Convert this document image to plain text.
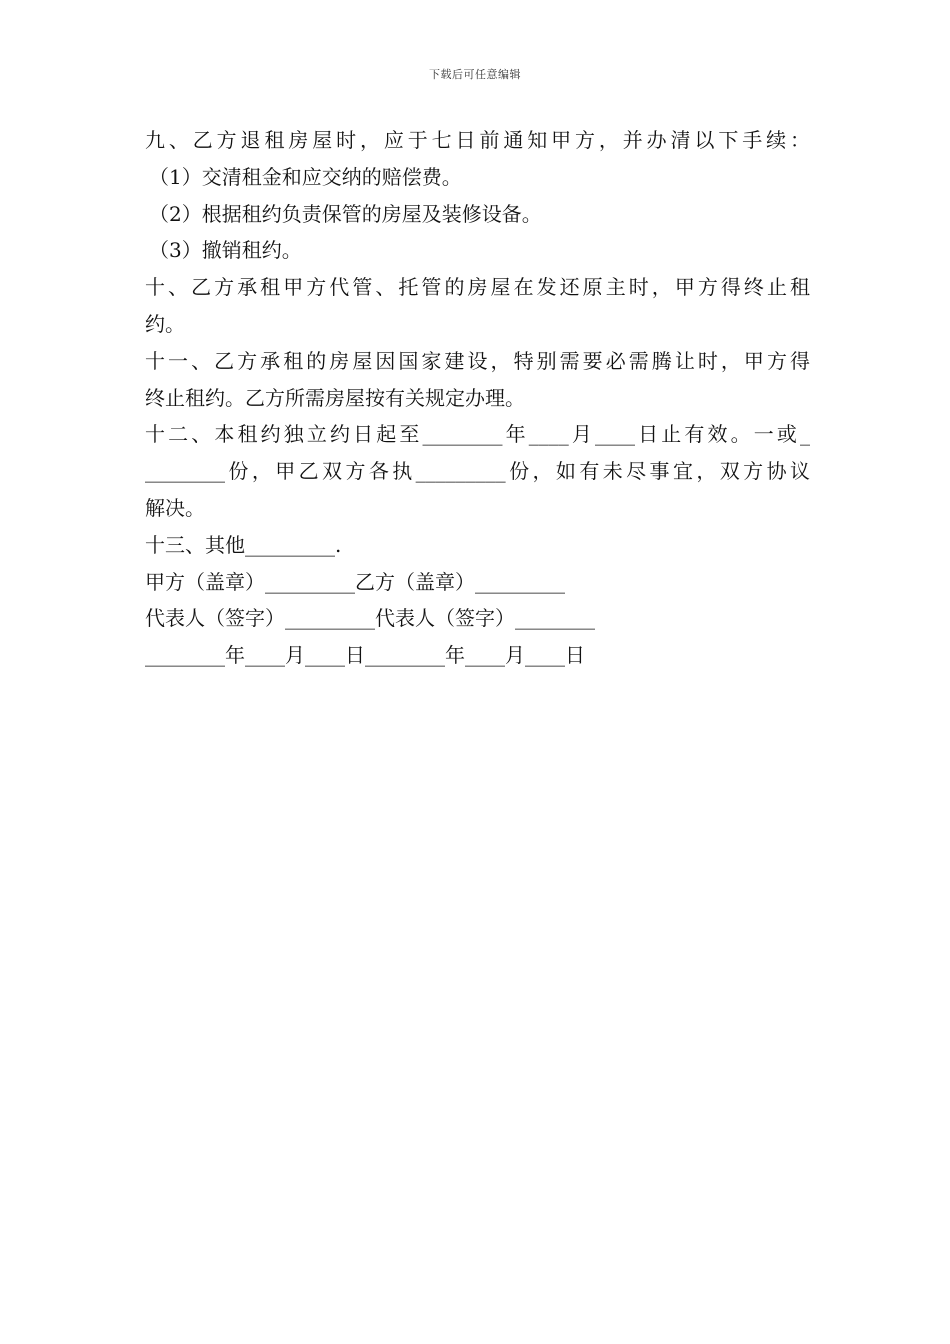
下载后可任意编辑
九、乙方退租房屋时，应于七日前通知甲方，并办清以下手续：
（1）交清租金和应交纳的赔偿费。
（2）根据租约负责保管的房屋及装修设备。
（3）撤销租约。
十、乙方承租甲方代管、托管的房屋在发还原主时，甲方得终止租
约。
十一、乙方承租的房屋因国家建设，特别需要必需腾让时，甲方得
终止租约。乙方所需房屋按有关规定办理。
十二、本租约独立约日起至________年____月____日止有效。一或_
________份，甲乙双方各执_________份，如有未尽事宜，双方协议
解决。
十三、其他_________.
甲方（盖章）_________乙方（盖章）_________
代表人（签字）_________代表人（签字）________
________年____月____日________年____月____日
